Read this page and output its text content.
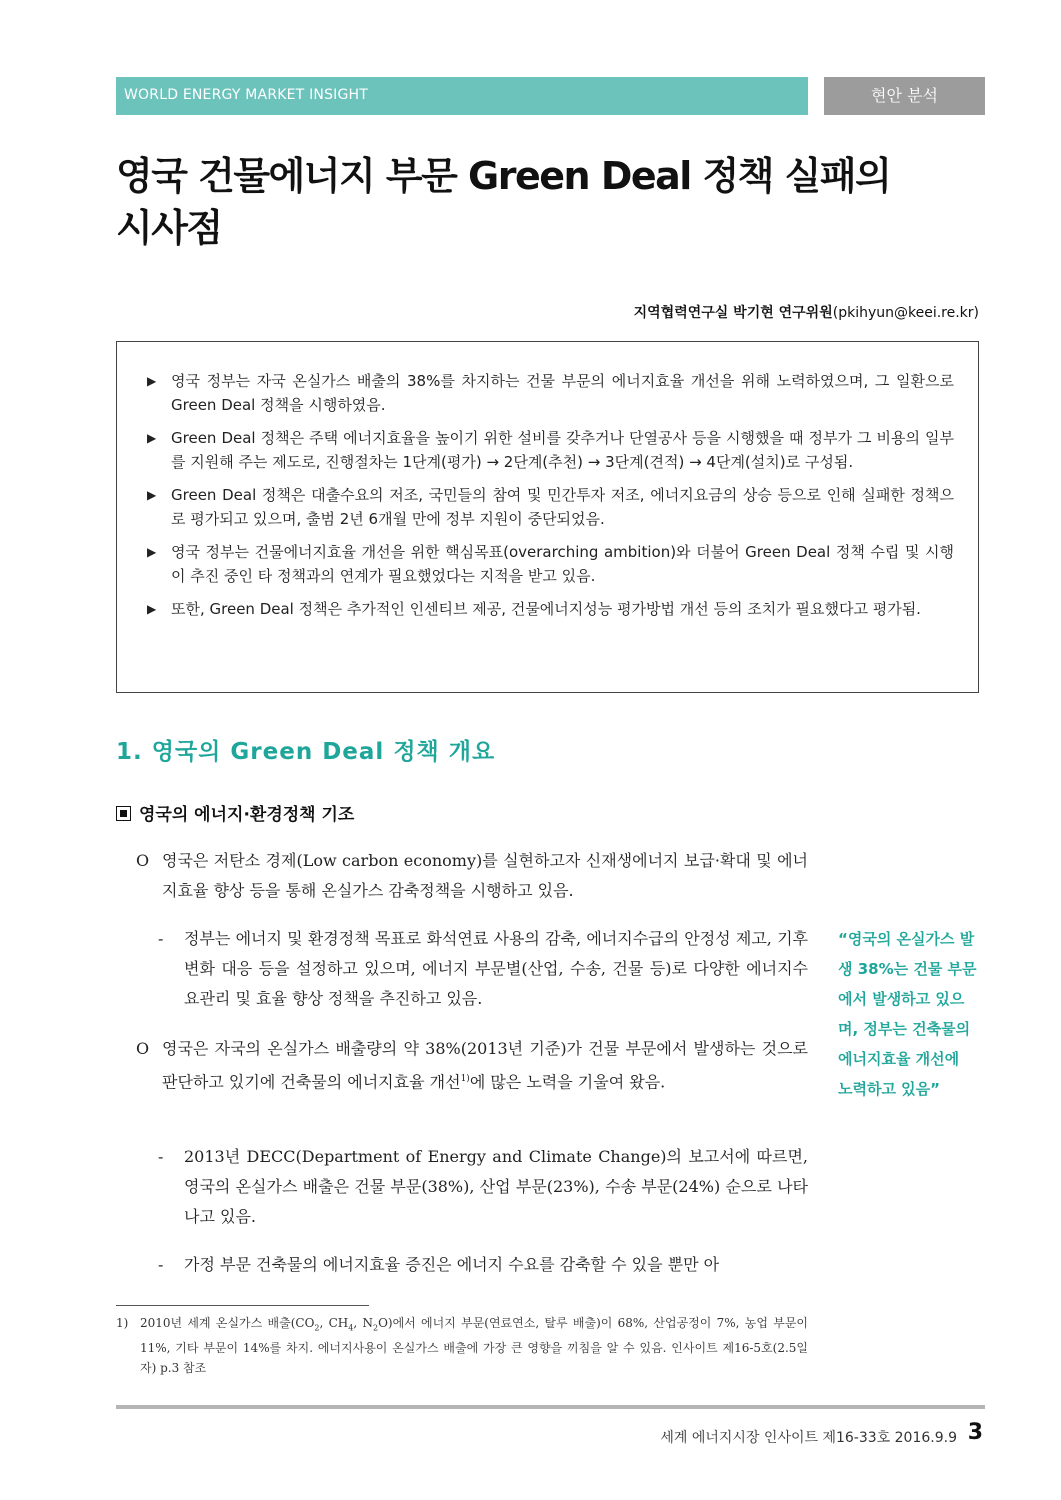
WORLD ENERGY MARKET INSIGHT	현안 분석
영국 건물에너지 부문 Green Deal 정책 실패의
시사점
지역협력연구실 박기현 연구위원(pkihyun@keei.re.kr)
▶ 영국 정부는 자국 온실가스 배출의 38%를 차지하는 건물 부문의 에너지효율 개선을 위해 노력하였으며, 그 일환으로 Green Deal 정책을 시행하였음.
▶ Green Deal 정책은 주택 에너지효율을 높이기 위한 설비를 갖추거나 단열공사 등을 시행했을 때 정부가 그 비용의 일부를 지원해 주는 제도로, 진행절차는 1단계(평가) → 2단계(추천) → 3단계(견적) → 4단계(설치)로 구성됨.
▶ Green Deal 정책은 대출수요의 저조, 국민들의 참여 및 민간투자 저조, 에너지요금의 상승 등으로 인해 실패한 정책으로 평가되고 있으며, 출범 2년 6개월 만에 정부 지원이 중단되었음.
▶ 영국 정부는 건물에너지효율 개선을 위한 핵심목표(overarching ambition)와 더불어 Green Deal 정책 수립 및 시행이 추진 중인 타 정책과의 연계가 필요했었다는 지적을 받고 있음.
▶ 또한, Green Deal 정책은 추가적인 인센티브 제공, 건물에너지성능 평가방법 개선 등의 조치가 필요했다고 평가됨.
1. 영국의 Green Deal 정책 개요
영국의 에너지·환경정책 기조
O 영국은 저탄소 경제(Low carbon economy)를 실현하고자 신재생에너지 보급·확대 및 에너지효율 향상 등을 통해 온실가스 감축정책을 시행하고 있음.
-	정부는 에너지 및 환경정책 목표로 화석연료 사용의 감축, 에너지수급의 안정성 제고, 기후변화 대응 등을 설정하고 있으며, 에너지 부문별(산업, 수송, 건물 등)로 다양한 에너지수요관리 및 효율 향상 정책을 추진하고 있음.
O 영국은 자국의 온실가스 배출량의 약 38%(2013년 기준)가 건물 부문에서 발생하는 것으로 판단하고 있기에 건축물의 에너지효율 개선$^{1)}$에 많은 노력을 기울여 왔음.
-	2013년 DECC(Department of Energy and Climate Change)의 보고서에 따르면, 영국의 온실가스 배출은 건물 부문(38%), 산업 부문(23%), 수송 부문(24%) 순으로 나타나고 있음.
-	가정 부문 건축물의 에너지효율 증진은 에너지 수요를 감축할 수 있을 뿐만 아
“영국의 온실가스 발생 38%는 건물 부문에서 발생하고 있으며, 정부는 건축물의 에너지효율 개선에 노력하고 있음”
1) 2010년 세계 온실가스 배출($CO_2$, $CH_4$, $N_2O$)에서 에너지 부문(연료연소, 탈루 배출)이 68%, 산업공정이 7%, 농업 부문이 11%, 기타 부문이 14%를 차지. 에너지사용이 온실가스 배출에 가장 큰 영향을 끼침을 알 수 있음. 인사이트 제16-5호(2.5일자) p.3 참조
세계 에너지시장 인사이트 제16-33호 2016.9.9 3
